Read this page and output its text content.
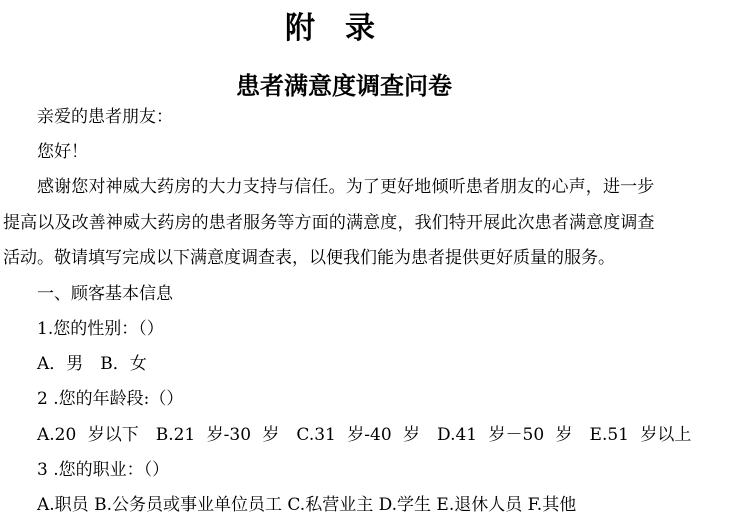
附录
患者满意度调查问卷
亲爱的患者朋友：
您好！
感谢您对神威大药房的大力支持与信任。为了更好地倾听患者朋友的心声，进一步
提高以及改善神威大药房的患者服务等方面的满意度，我们特开展此次患者满意度调查
活动。敬请填写完成以下满意度调查表，以便我们能为患者提供更好质量的服务。
一、顾客基本信息
1.您的性别：（）
A．男　B．女
2 .您的年龄段:（）
A.20 岁以下　B.21 岁-30 岁　C.31 岁-40 岁　D.41 岁－50 岁　E.51 岁以上
3 .您的职业：（）
A.职员 B.公务员或事业单位员工 C.私营业主 D.学生 E.退休人员 F.其他
